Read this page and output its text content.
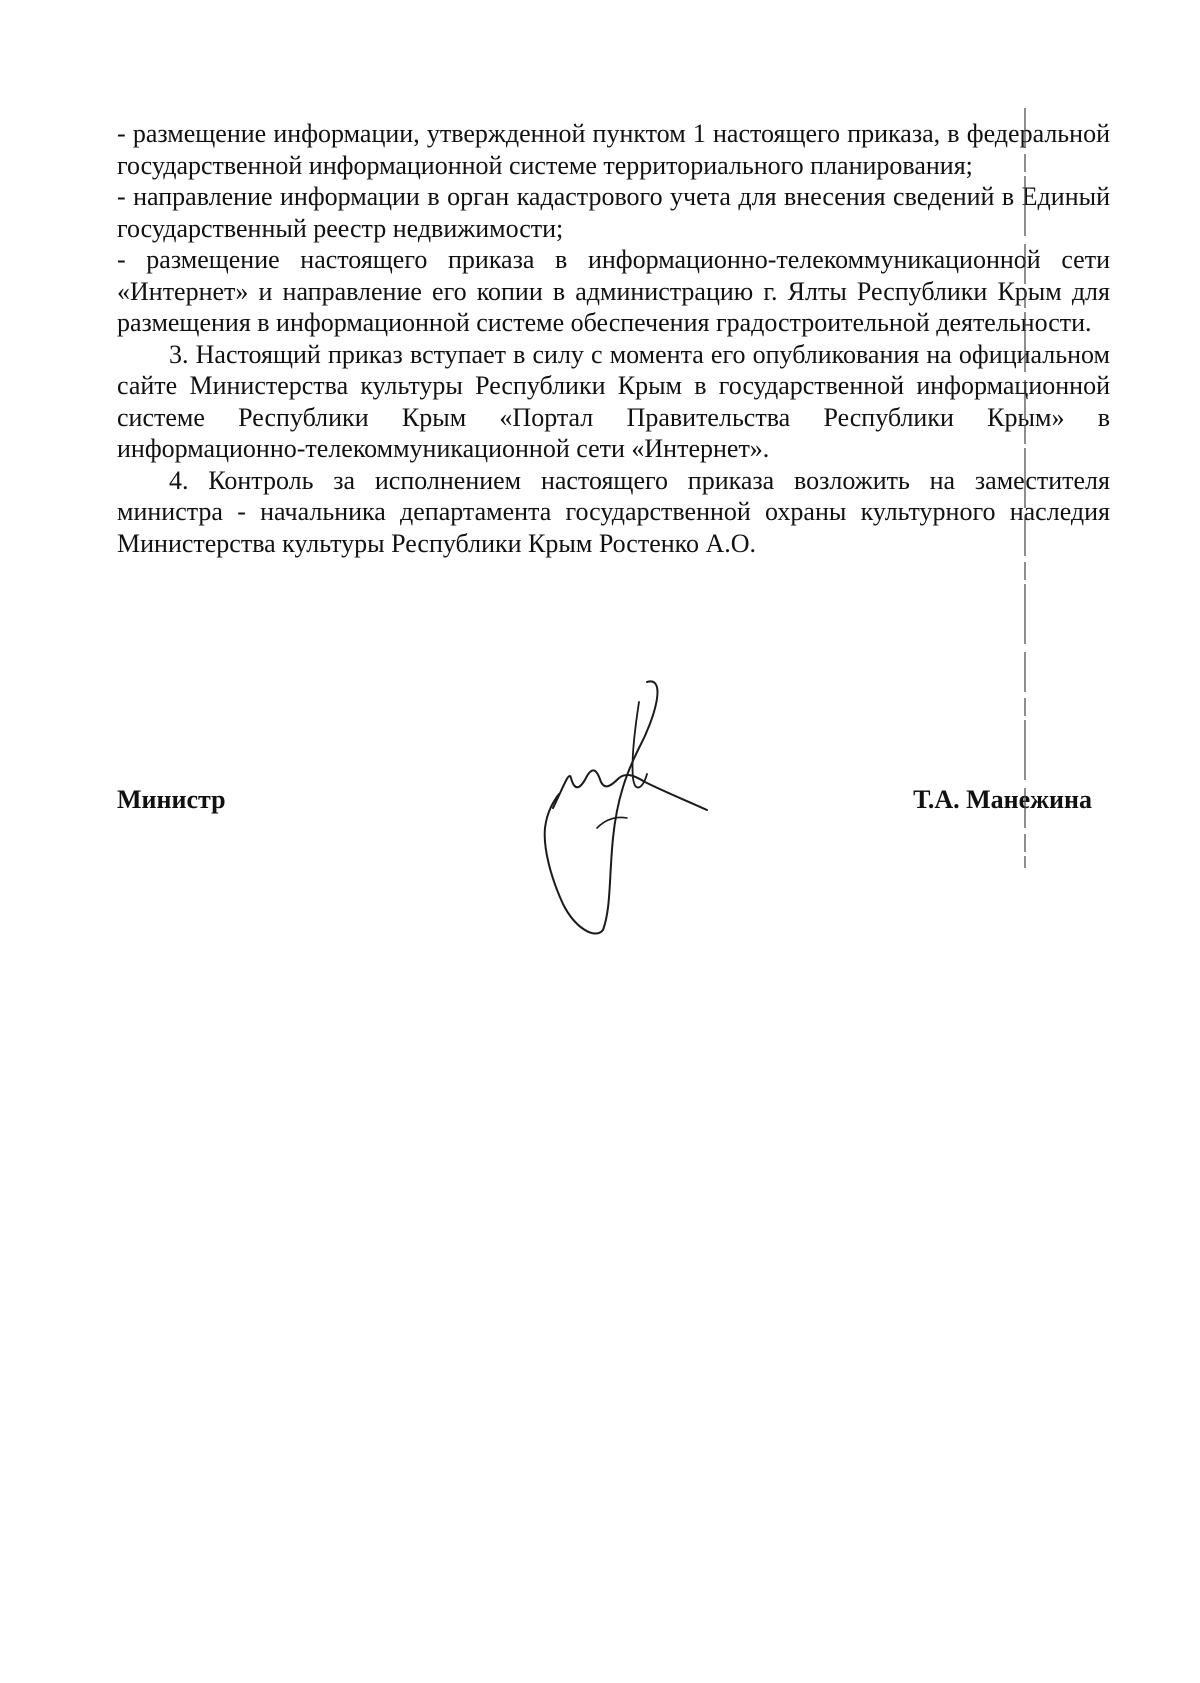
- размещение информации, утвержденной пунктом 1 настоящего приказа, в федеральной государственной информационной системе территориального планирования;

- направление информации в орган кадастрового учета для внесения сведений в Единый государственный реестр недвижимости;

- размещение настоящего приказа в информационно-телекоммуникационной сети «Интернет» и направление его копии в администрацию г. Ялты Республики Крым для размещения в информационной системе обеспечения градостроительной деятельности.

3. Настоящий приказ вступает в силу с момента его опубликования на официальном сайте Министерства культуры Республики Крым в государственной информационной системе Республики Крым «Портал Правительства Республики Крым» в информационно-телекоммуникационной сети «Интернет».

4. Контроль за исполнением настоящего приказа возложить на заместителя министра - начальника департамента государственной охраны культурного наследия Министерства культуры Республики Крым Ростенко А.О.

Министр	Т.А. Манежина
